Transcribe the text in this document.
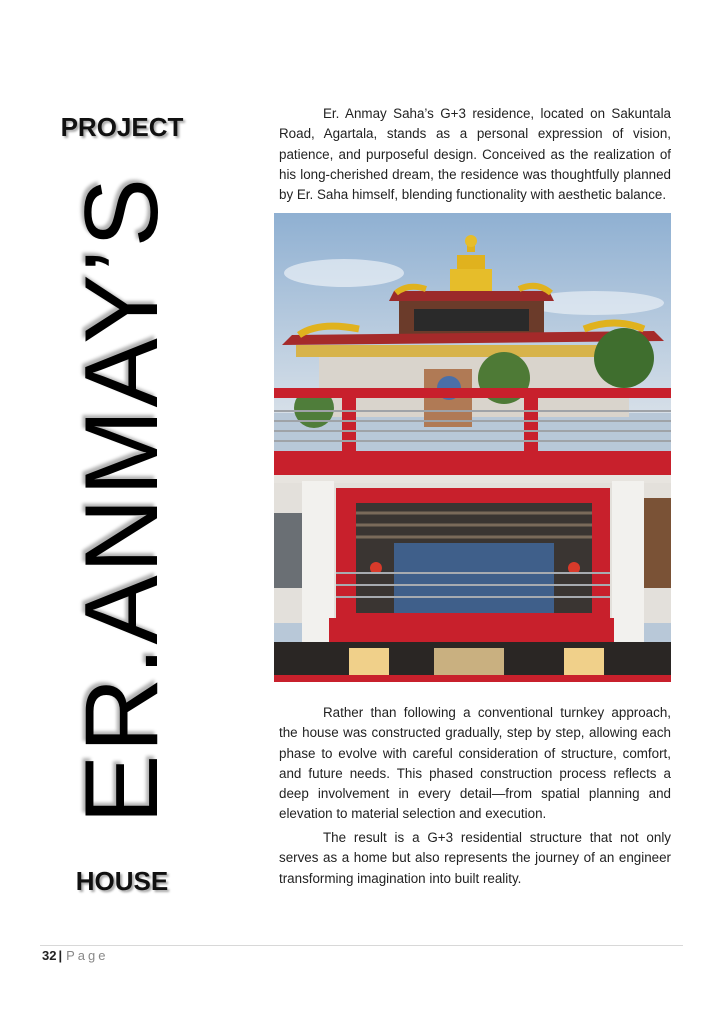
PROJECT
ER.ANMAY’S
HOUSE

Er. Anmay Saha’s G+3 residence, located on Sakuntala Road, Agartala, stands as a personal expression of vision, patience, and purposeful design. Conceived as the realization of his long-cherished dream, the residence was thoughtfully planned by Er. Saha himself, blending functionality with aesthetic balance.

Rather than following a conventional turnkey approach, the house was constructed gradually, step by step, allowing each phase to evolve with careful consideration of structure, comfort, and future needs. This phased construction process reflects a deep involvement in every detail—from spatial planning and elevation to material selection and execution.

The result is a G+3 residential structure that not only serves as a home but also represents the journey of an engineer transforming imagination into built reality.

32 | Page
